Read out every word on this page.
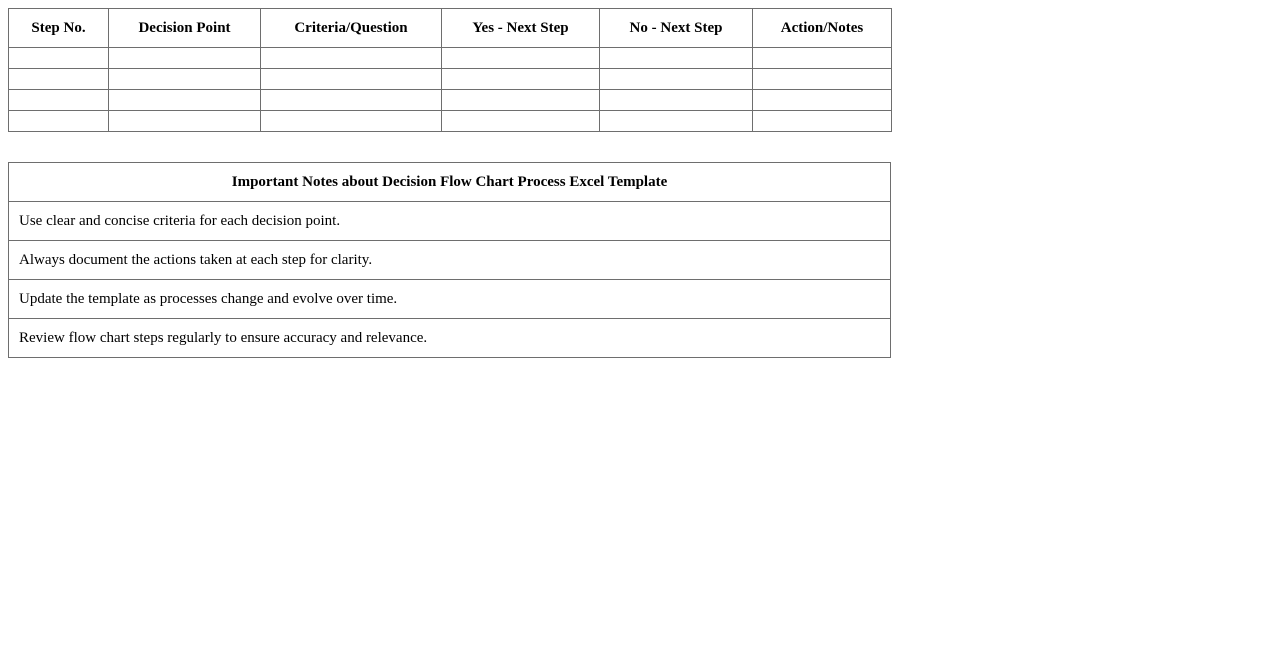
Step No.	Decision Point	Criteria/Question	Yes - Next Step	No - Next Step	Action/Notes

Important Notes about Decision Flow Chart Process Excel Template
Use clear and concise criteria for each decision point.
Always document the actions taken at each step for clarity.
Update the template as processes change and evolve over time.
Review flow chart steps regularly to ensure accuracy and relevance.
